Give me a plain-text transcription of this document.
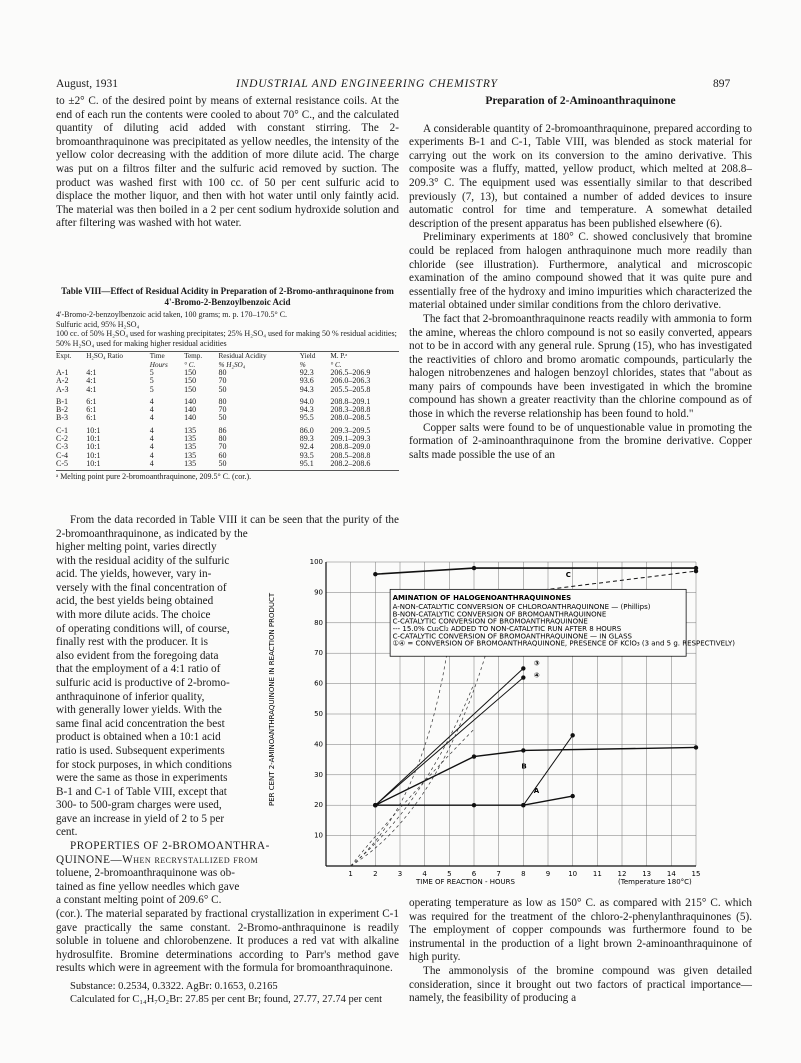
August, 1931	INDUSTRIAL AND ENGINEERING CHEMISTRY	897

to ±2° C. of the desired point by means of external resistance coils. At the end of each run the contents were cooled to about 70° C., and the calculated quantity of diluting acid added with constant stirring. The 2-bromoanthraquinone was precipitated as yellow needles, the intensity of the yellow color decreasing with the addition of more dilute acid. The charge was put on a filtros filter and the sulfuric acid removed by suction. The product was washed first with 100 cc. of 50 per cent sulfuric acid to displace the mother liquor, and then with hot water until only faintly acid. The material was then boiled in a 2 per cent sodium hydroxide solution and after filtering was washed with hot water.

Table VIII—Effect of Residual Acidity in Preparation of 2-Bromo-anthraquinone from 4'-Bromo-2-Benzoylbenzoic Acid
4'-Bromo-2-benzoylbenzoic acid taken, 100 grams; m. p. 170–170.5° C.
Sulfuric acid, 95% H₂SO₄
100 cc. of 50% H₂SO₄ used for washing precipitates; 25% H₂SO₄ used for making 50 % residual acidities; 50% H₂SO₄ used for making higher residual acidities
Expt.	H₂SO₄ Ratio	Time	Temp.	Residual Acidity	Yield	M. P.ᵃ
		Hours	° C.	% H₂SO₄	%	° C.
A-1	4:1	5	150	80	92.3	206.5–206.9
A-2	4:1	5	150	70	93.6	206.0–206.3
A-3	4:1	5	150	50	94.3	205.5–205.8
B-1	6:1	4	140	80	94.0	208.8–209.1
B-2	6:1	4	140	70	94.3	208.3–208.8
B-3	6:1	4	140	50	95.5	208.0–208.5
C-1	10:1	4	135	86	86.0	209.3–209.5
C-2	10:1	4	135	80	89.3	209.1–209.3
C-3	10:1	4	135	70	92.4	208.8–209.0
C-4	10:1	4	135	60	93.5	208.5–208.8
C-5	10:1	4	135	50	95.1	208.2–208.6
ᵃ Melting point pure 2-bromoanthraquinone, 209.5° C. (cor.).

From the data recorded in Table VIII it can be seen that the purity of the 2-bromoanthraquinone, as indicated by the

higher melting point, varies directly
with the residual acidity of the sulfuric
acid. The yields, however, vary in-
versely with the final concentration of
acid, the best yields being obtained
with more dilute acids. The choice
of operating conditions will, of course,
finally rest with the producer. It is
also evident from the foregoing data
that the employment of a 4:1 ratio of
sulfuric acid is productive of 2-bromo-
anthraquinone of inferior quality,
with generally lower yields. With the
same final acid concentration the best
product is obtained when a 10:1 acid
ratio is used. Subsequent experiments
for stock purposes, in which conditions
were the same as those in experiments
B-1 and C-1 of Table VIII, except that
300- to 500-gram charges were used,
gave an increase in yield of 2 to 5 per
cent.
PROPERTIES OF 2-BROMOANTHRA-
QUINONE—When recrystallized from
toluene, 2-bromoanthraquinone was ob-
tained as fine yellow needles which gave
a constant melting point of 209.6° C.

(cor.). The material separated by fractional crystallization in experiment C-1 gave practically the same constant. 2-Bromo-anthraquinone is readily soluble in toluene and chlorobenzene. It produces a red vat with alkaline hydrosulfite. Bromine determinations according to Parr's method gave results which were in agreement with the formula for bromoanthraquinone.

Substance: 0.2534, 0.3322. AgBr: 0.1653, 0.2165
Calculated for C₁₄H₇O₂Br: 27.85 per cent Br; found, 27.77, 27.74 per cent
Preparation of 2-Aminoanthraquinone

A considerable quantity of 2-bromoanthraquinone, prepared according to experiments B-1 and C-1, Table VIII, was blended as stock material for carrying out the work on its conversion to the amino derivative. This composite was a fluffy, matted, yellow product, which melted at 208.8–209.3° C. The equipment used was essentially similar to that described previously (7, 13), but contained a number of added devices to insure automatic control for time and temperature. A somewhat detailed description of the present apparatus has been published elsewhere (6).

Preliminary experiments at 180° C. showed conclusively that bromine could be replaced from halogen anthraquinone much more readily than chloride (see illustration). Furthermore, analytical and microscopic examination of the amino compound showed that it was quite pure and essentially free of the hydroxy and imino impurities which characterized the material obtained under similar conditions from the chloro derivative.

The fact that 2-bromoanthraquinone reacts readily with ammonia to form the amine, whereas the chloro compound is not so easily converted, appears not to be in accord with any general rule. Sprung (15), who has investigated the reactivities of chloro and bromo aromatic compounds, particularly the halogen nitrobenzenes and halogen benzoyl chlorides, states that "about as many pairs of compounds have been investigated in which the bromine compound has shown a greater reactivity than the chlorine compound as of those in which the reverse relationship has been found to hold."

Copper salts were found to be of unquestionable value in promoting the formation of 2-aminoanthraquinone from the bromine derivative. Copper salts made possible the use of an

operating temperature as low as 150° C. as compared with 215° C. which was required for the treatment of the chloro-2-phenylanthraquinones (5). The employment of copper compounds was furthermore found to be instrumental in the production of a light brown 2-aminoanthraquinone of high purity.

The ammonolysis of the bromine compound was given detailed consideration, since it brought out two factors of practical importance—namely, the feasibility of producing a

A
B
C
③
④
1	2	3	4	5	6	7	8	9	10 11 12 13 14 15
10
20
30
40
50
60
70
80
90
100
AMINATION OF HALOGENOANTHRAQUINONES
A-NON-CATALYTIC CONVERSION OF CHLOROANTHRAQUINONE — (Phillips)
B-NON-CATALYTIC CONVERSION OF BROMOANTHRAQUINONE
C-CATALYTIC CONVERSION OF BROMOANTHRAQUINONE
--- 15.0% Cu₂Cl₂ ADDED TO NON-CATALYTIC RUN AFTER 8 HOURS
C-CATALYTIC CONVERSION OF BROMOANTHRAQUINONE — IN GLASS
①④ = CONVERSION OF BROMOANTHRAQUINONE, PRESENCE OF KClO₃ (3 and 5 g. RESPECTIVELY)
PER CENT 2-AMINOANTHRAQUINONE IN REACTION PRODUCT
TIME OF REACTION - HOURS	(Temperature 180°C)
